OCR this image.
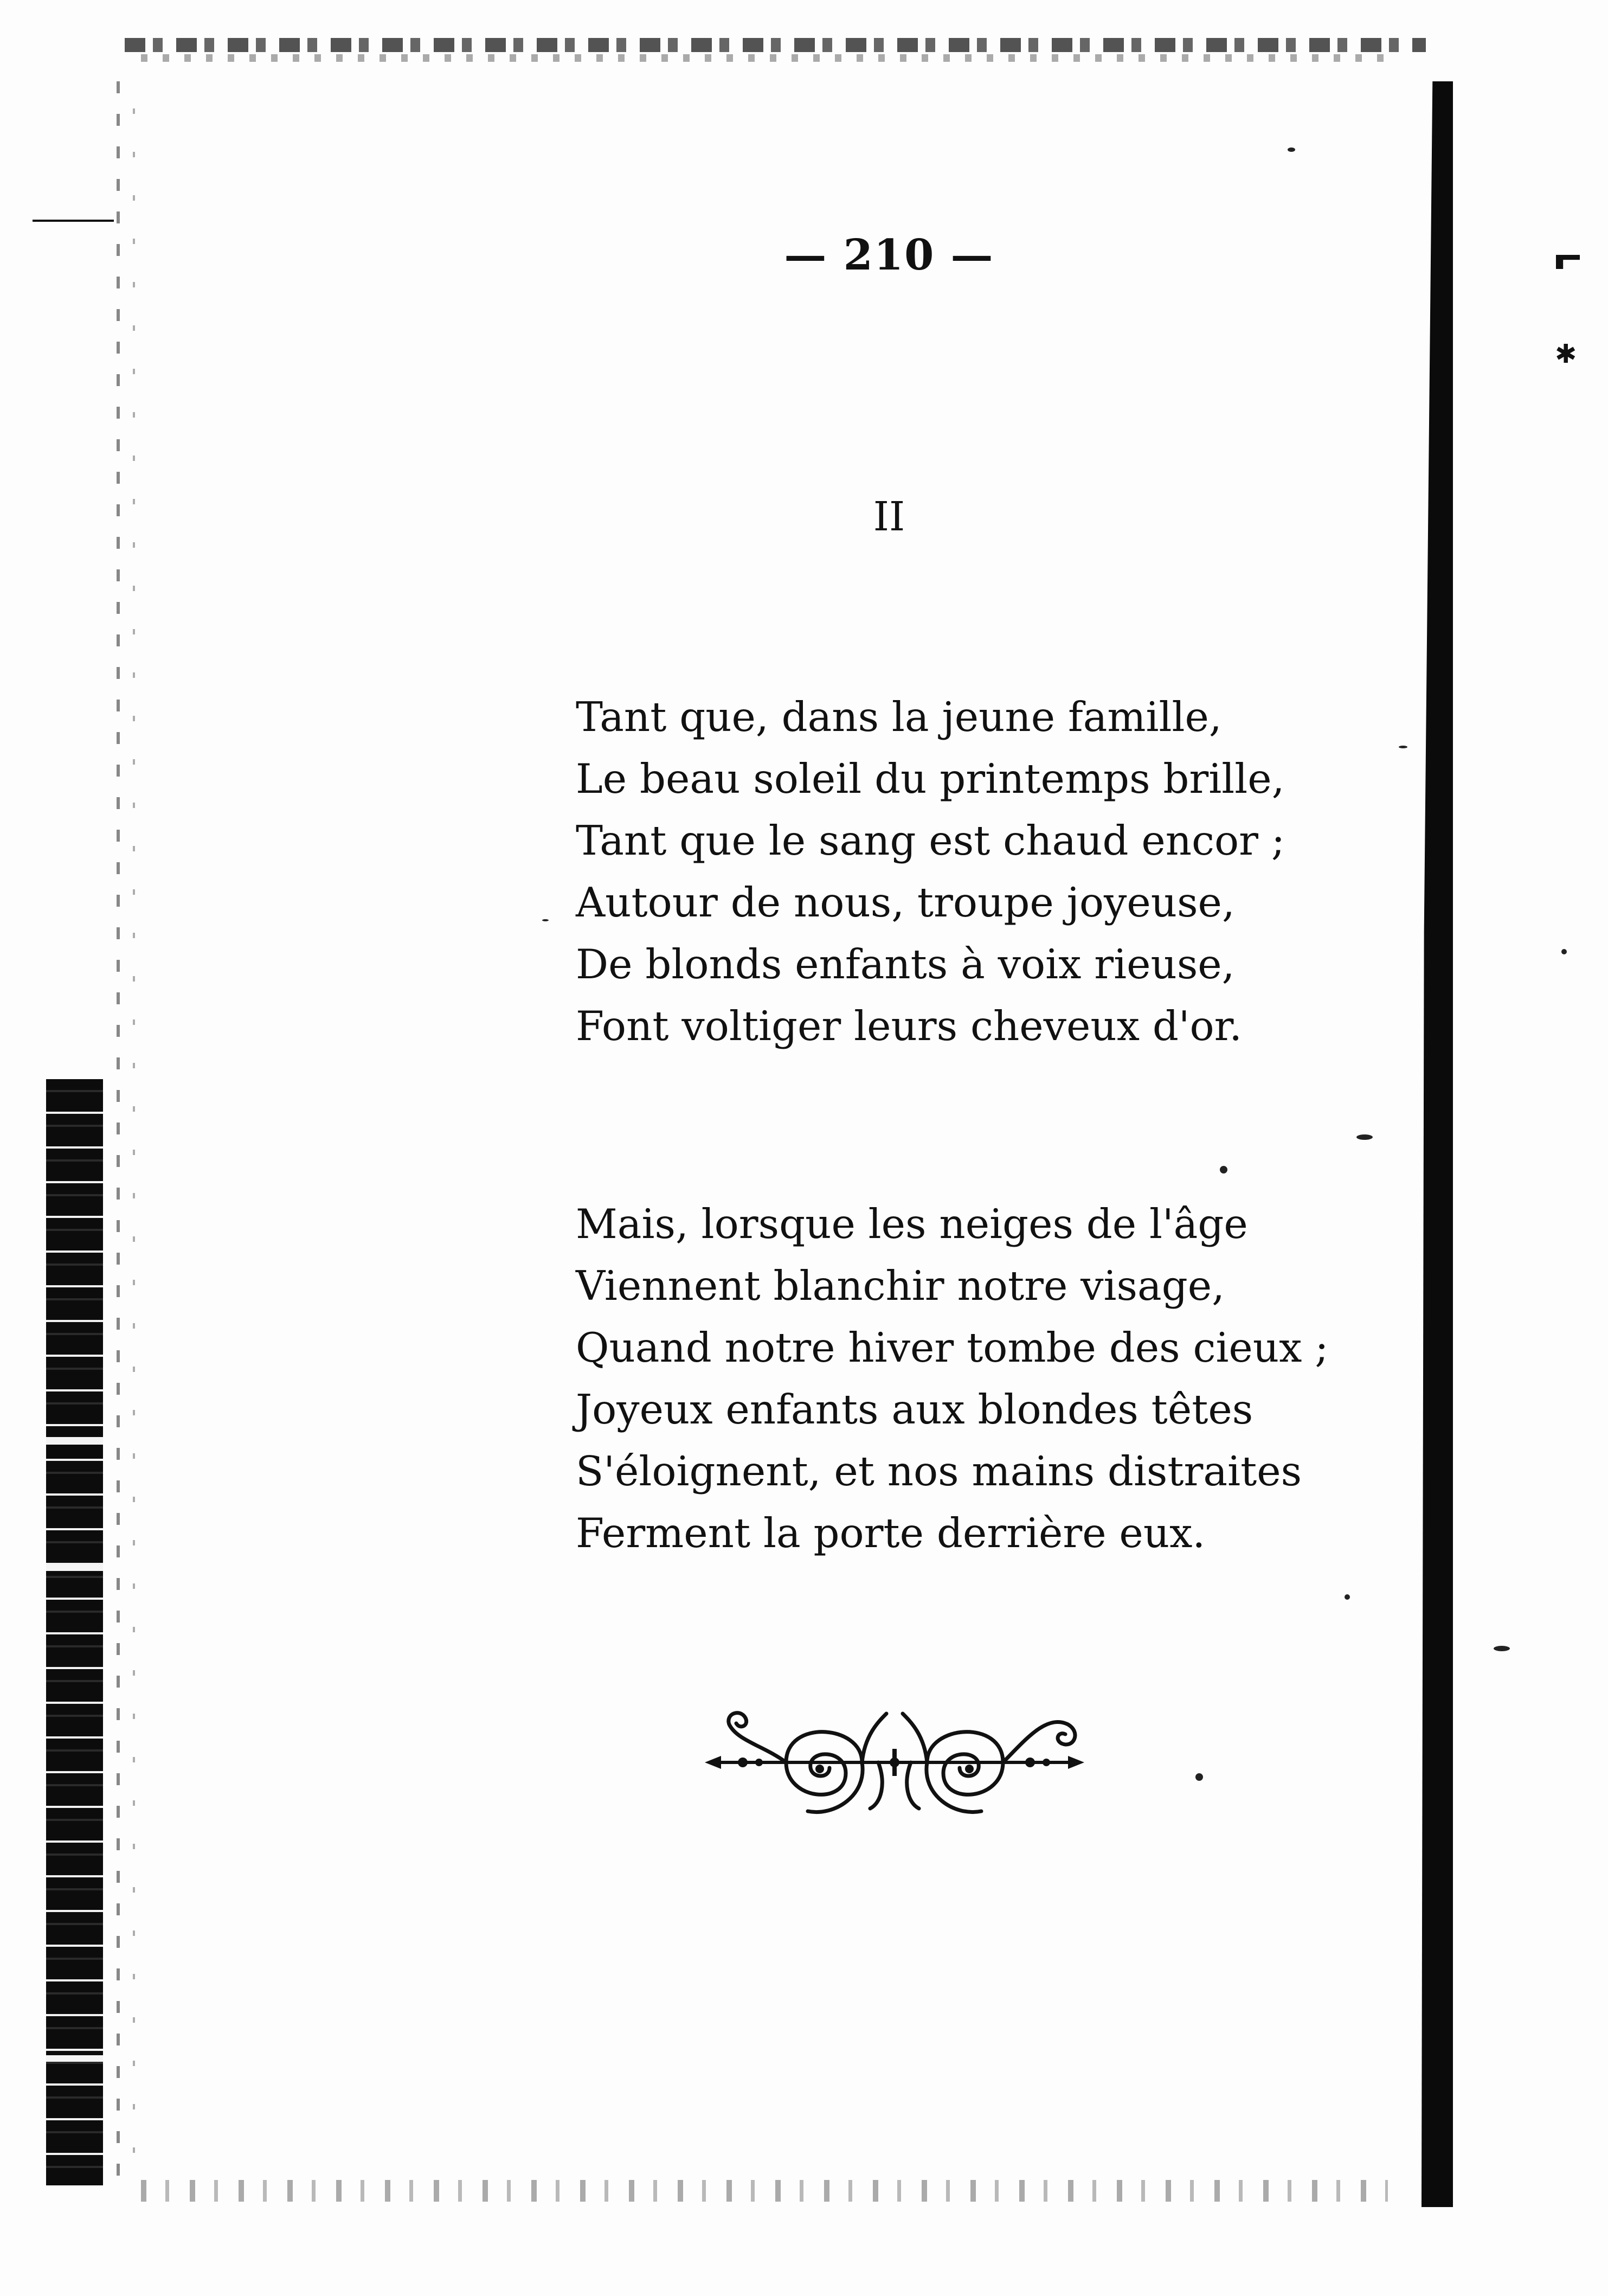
✱
— 210 —
II
Tant que, dans la jeune famille,
Le beau soleil du printemps brille,
Tant que le sang est chaud encor ;
Autour de nous, troupe joyeuse,
De blonds enfants à voix rieuse,
Font voltiger leurs cheveux d'or.
Mais, lorsque les neiges de l'âge
Viennent blanchir notre visage,
Quand notre hiver tombe des cieux ;
Joyeux enfants aux blondes têtes
S'éloignent, et nos mains distraites
Ferment la porte derrière eux.
